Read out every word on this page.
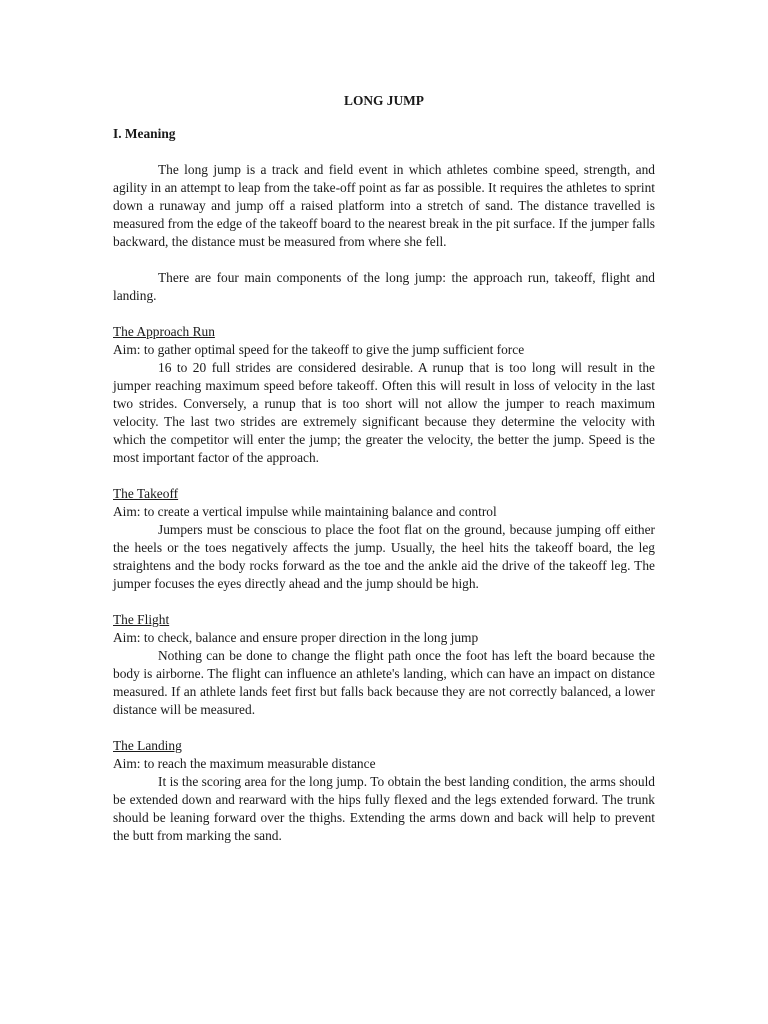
LONG JUMP
I. Meaning

The long jump is a track and field event in which athletes combine speed, strength, and agility in an attempt to leap from the take-off point as far as possible. It requires the athletes to sprint down a runaway and jump off a raised platform into a stretch of sand. The distance travelled is measured from the edge of the takeoff board to the nearest break in the pit surface. If the jumper falls backward, the distance must be measured from where she fell.

There are four main components of the long jump: the approach run, takeoff, flight and landing.

The Approach Run

Aim: to gather optimal speed for the takeoff to give the jump sufficient force

16 to 20 full strides are considered desirable. A runup that is too long will result in the jumper reaching maximum speed before takeoff. Often this will result in loss of velocity in the last two strides. Conversely, a runup that is too short will not allow the jumper to reach maximum velocity. The last two strides are extremely significant because they determine the velocity with which the competitor will enter the jump; the greater the velocity, the better the jump. Speed is the most important factor of the approach.

The Takeoff

Aim: to create a vertical impulse while maintaining balance and control

Jumpers must be conscious to place the foot flat on the ground, because jumping off either the heels or the toes negatively affects the jump. Usually, the heel hits the takeoff board, the leg straightens and the body rocks forward as the toe and the ankle aid the drive of the takeoff leg. The jumper focuses the eyes directly ahead and the jump should be high.

The Flight

Aim: to check, balance and ensure proper direction in the long jump

Nothing can be done to change the flight path once the foot has left the board because the body is airborne. The flight can influence an athlete's landing, which can have an impact on distance measured. If an athlete lands feet first but falls back because they are not correctly balanced, a lower distance will be measured.

The Landing

Aim: to reach the maximum measurable distance

It is the scoring area for the long jump. To obtain the best landing condition, the arms should be extended down and rearward with the hips fully flexed and the legs extended forward. The trunk should be leaning forward over the thighs. Extending the arms down and back will help to prevent the butt from marking the sand.
